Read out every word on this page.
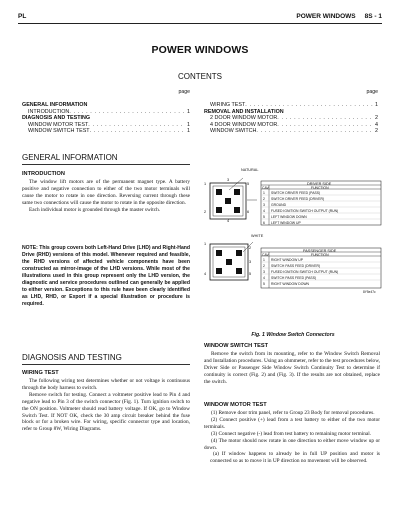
PL	POWER WINDOWS     8S - 1
POWER WINDOWS
CONTENTS
page
GENERAL INFORMATION
INTRODUCTION . . .	1
DIAGNOSIS AND TESTING
WINDOW MOTOR TEST . . .	1
WINDOW SWITCH TEST . . .	1
page
WIRING TEST . . .	1
REMOVAL AND INSTALLATION
2 DOOR WINDOW MOTOR . . .	2
4 DOOR WINDOW MOTOR . . .	4
WINDOW SWITCH . . .	2
GENERAL INFORMATION
INTRODUCTION

The window lift motors are of the permanent magnet type. A battery positive and negative connection to either of the two motor terminals will cause the motor to rotate in one direction. Reversing current through these same two connections will cause the motor to rotate in the opposite direction.

Each individual motor is grounded through the master switch.

NOTE: This group covers both Left-Hand Drive (LHD) and Right-Hand Drive (RHD) versions of this model. Whenever required and feasible, the RHD versions of affected vehicle components have been constructed as mirror-image of the LHD versions. While most of the illustrations used in this group represent only the LHD version, the diagnostic and service procedures outlined can generally be applied to either version. Exceptions to this rule have been clearly identified as LHD, RHD, or Export if a special illustration or procedure is required.
DIAGNOSIS AND TESTING
WIRING TEST

The following wiring test determines whether or not voltage is continuous through the body harness to switch.

Remove switch for testing. Connect a voltmeter positive lead to Pin 4 and negative lead to Pin 3 of the switch connector (Fig. 1). Turn ignition switch to the ON position. Voltmeter should read battery voltage. If OK, go to Window Switch Test. If NOT OK, check the 30 amp circuit breaker behind the fuse block or for a broken wire. For wiring, specific connector type and location, refer to Group 8W, Wiring Diagrams.

NATURAL
1
3
5
2
4
6
DRIVER SIDE
CAV	FUNCTION
1 SWITCH DRIVER FEED (PASS)
2 SWITCH DRIVER FEED (DRIVER)
3 GROUND
4 FUSED IGNITION SWITCH OUTPUT (RUN)
5 LEFT WINDOW DOWN
6 LEFT WINDOW UP
WHITE
1
2
3
4	5
PASSENGER SIDE
CAV	FUNCTION
1 RIGHT WINDOW UP
2 SWITCH PASS FEED (DRIVER)
3 FUSED IGNITION SWITCH OUTPUT (RUN)
4 SWITCH PASS FEED (PASS)
5 RIGHT WINDOW DOWN
8Y5e47c
Fig. 1 Window Switch Connectors
WINDOW SWITCH TEST

Remove the switch from its mounting, refer to the Window Switch Removal and Installation procedures. Using an ohmmeter, refer to the test procedures below, Driver Side or Passenger Side Window Switch Continuity Test to determine if continuity is correct (Fig. 2) and (Fig. 3). If the results are not obtained, replace the switch.

WINDOW MOTOR TEST

(1) Remove door trim panel, refer to Group 23 Body for removal procedures.

(2) Connect positive (+) lead from a test battery to either of the two motor terminals.

(3) Connect negative (-) lead from test battery to remaining motor terminal.

(4) The motor should now rotate in one direction to either move window up or down.

(a) If window happens to already be in full UP position and motor is connected so as to move it in UP direction no movement will be observed.
